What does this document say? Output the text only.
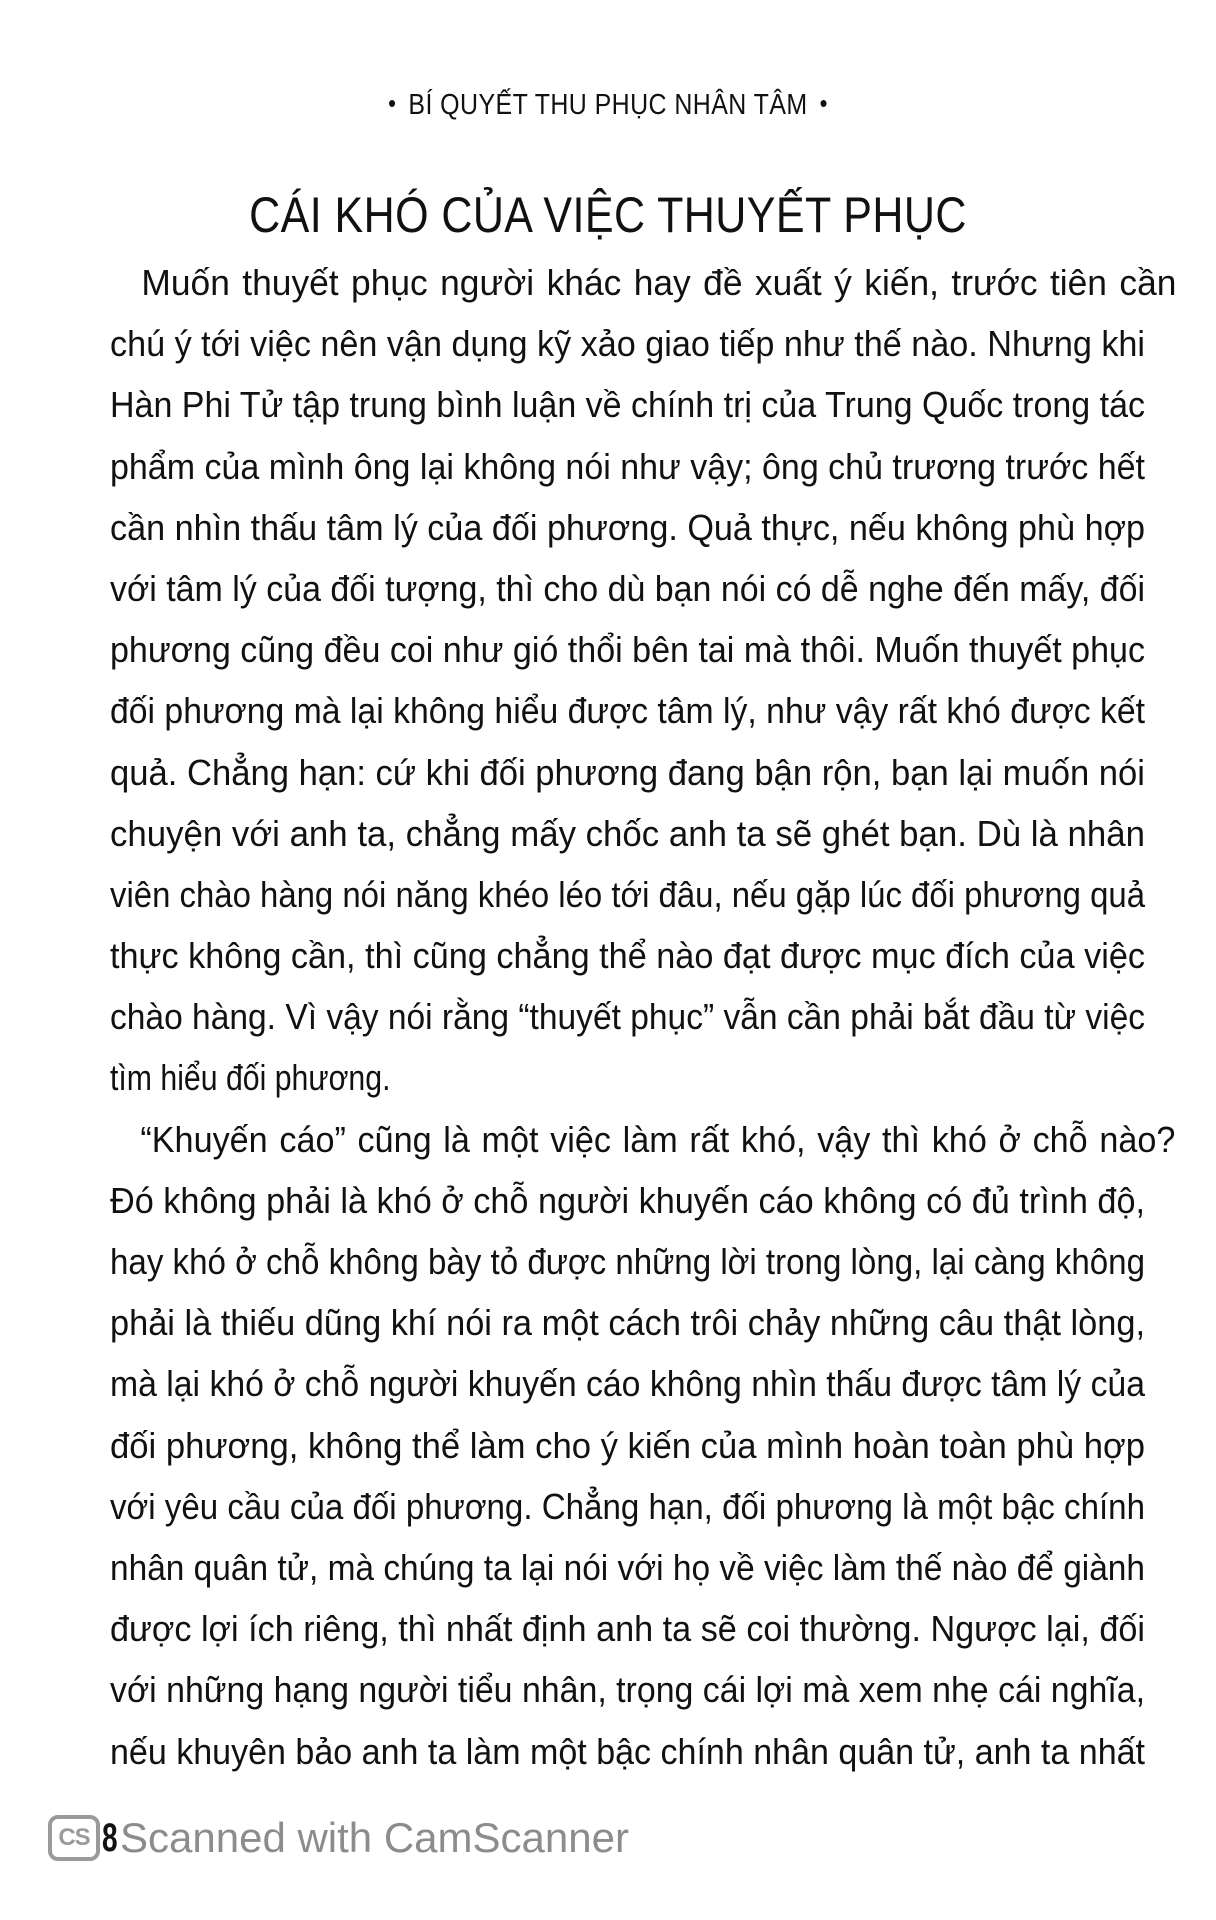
• BÍ QUYẾT THU PHỤC NHÂN TÂM •
CÁI KHÓ CỦA VIỆC THUYẾT PHỤC
Muốn thuyết phục người khác hay đề xuất ý kiến, trước tiên cần
chú ý tới việc nên vận dụng kỹ xảo giao tiếp như thế nào. Nhưng khi
Hàn Phi Tử tập trung bình luận về chính trị của Trung Quốc trong tác
phẩm của mình ông lại không nói như vậy; ông chủ trương trước hết
cần nhìn thấu tâm lý của đối phương. Quả thực, nếu không phù hợp
với tâm lý của đối tượng, thì cho dù bạn nói có dễ nghe đến mấy, đối
phương cũng đều coi như gió thổi bên tai mà thôi. Muốn thuyết phục
đối phương mà lại không hiểu được tâm lý, như vậy rất khó được kết
quả. Chẳng hạn: cứ khi đối phương đang bận rộn, bạn lại muốn nói
chuyện với anh ta, chẳng mấy chốc anh ta sẽ ghét bạn. Dù là nhân
viên chào hàng nói năng khéo léo tới đâu, nếu gặp lúc đối phương quả
thực không cần, thì cũng chẳng thể nào đạt được mục đích của việc
chào hàng. Vì vậy nói rằng “thuyết phục” vẫn cần phải bắt đầu từ việc
tìm hiểu đối phương.
“Khuyến cáo” cũng là một việc làm rất khó, vậy thì khó ở chỗ nào?
Đó không phải là khó ở chỗ người khuyến cáo không có đủ trình độ,
hay khó ở chỗ không bày tỏ được những lời trong lòng, lại càng không
phải là thiếu dũng khí nói ra một cách trôi chảy những câu thật lòng,
mà lại khó ở chỗ người khuyến cáo không nhìn thấu được tâm lý của
đối phương, không thể làm cho ý kiến của mình hoàn toàn phù hợp
với yêu cầu của đối phương. Chẳng hạn, đối phương là một bậc chính
nhân quân tử, mà chúng ta lại nói với họ về việc làm thế nào để giành
được lợi ích riêng, thì nhất định anh ta sẽ coi thường. Ngược lại, đối
với những hạng người tiểu nhân, trọng cái lợi mà xem nhẹ cái nghĩa,
nếu khuyên bảo anh ta làm một bậc chính nhân quân tử, anh ta nhất
CS 8 Scanned with CamScanner
